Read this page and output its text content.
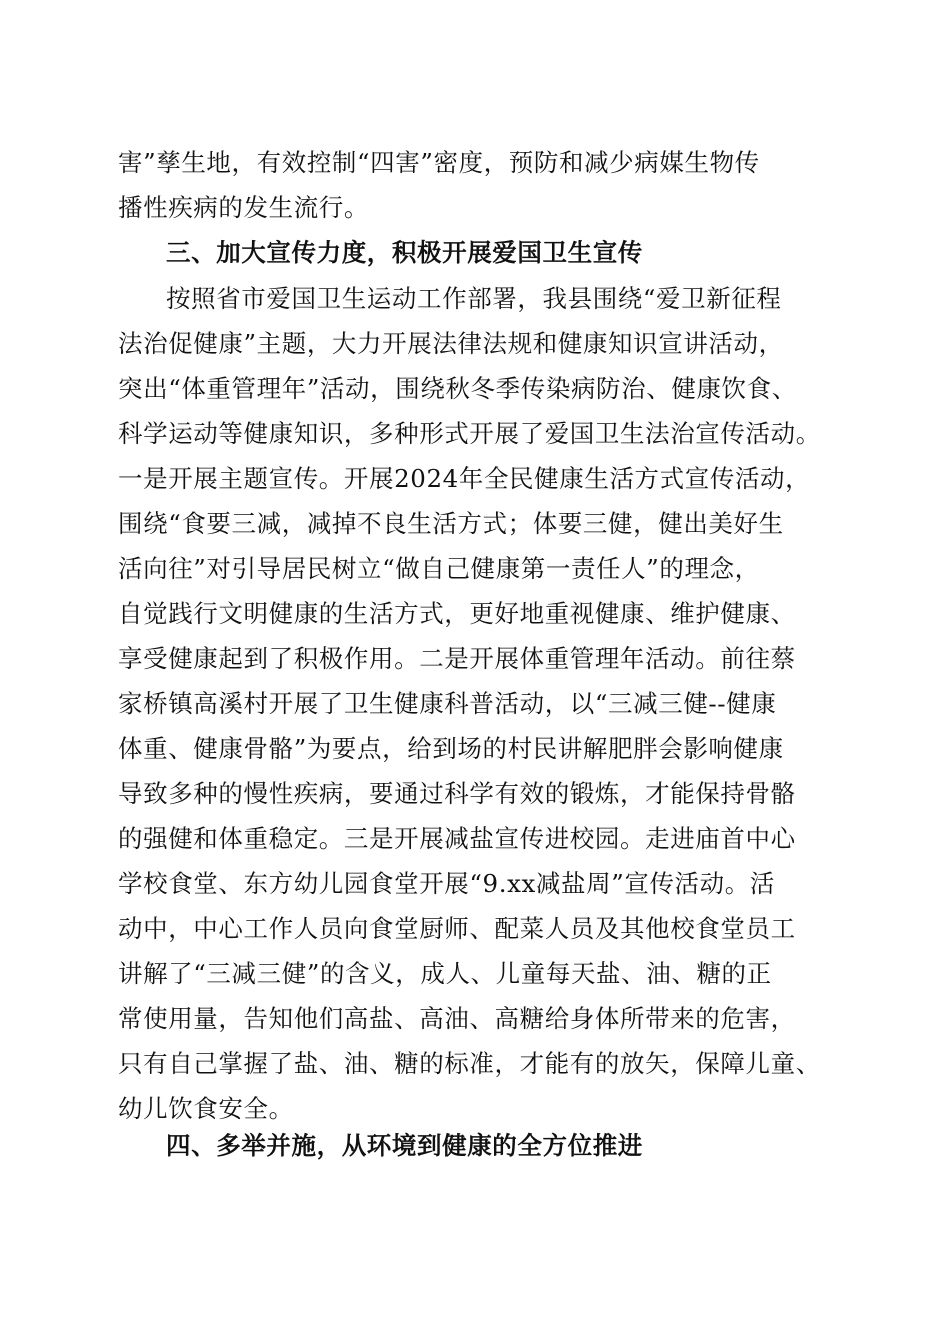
害”孳生地，有效控制“四害”密度，预防和减少病媒生物传
播性疾病的发生流行。
三、加大宣传力度，积极开展爱国卫生宣传
按照省市爱国卫生运动工作部署，我县围绕“爱卫新征程
法治促健康”主题，大力开展法律法规和健康知识宣讲活动，
突出“体重管理年”活动，围绕秋冬季传染病防治、健康饮食、
科学运动等健康知识，多种形式开展了爱国卫生法治宣传活动。
一是开展主题宣传。开展2024年全民健康生活方式宣传活动，
围绕“食要三减，减掉不良生活方式；体要三健，健出美好生
活向往”对引导居民树立“做自己健康第一责任人”的理念，
自觉践行文明健康的生活方式，更好地重视健康、维护健康、
享受健康起到了积极作用。二是开展体重管理年活动。前往蔡
家桥镇高溪村开展了卫生健康科普活动，以“三减三健--健康
体重、健康骨骼”为要点，给到场的村民讲解肥胖会影响健康
导致多种的慢性疾病，要通过科学有效的锻炼，才能保持骨骼
的强健和体重稳定。三是开展减盐宣传进校园。走进庙首中心
学校食堂、东方幼儿园食堂开展“9.xx减盐周”宣传活动。活
动中，中心工作人员向食堂厨师、配菜人员及其他校食堂员工
讲解了“三减三健”的含义，成人、儿童每天盐、油、糖的正
常使用量，告知他们高盐、高油、高糖给身体所带来的危害，
只有自己掌握了盐、油、糖的标准，才能有的放矢，保障儿童、
幼儿饮食安全。
四、多举并施，从环境到健康的全方位推进
